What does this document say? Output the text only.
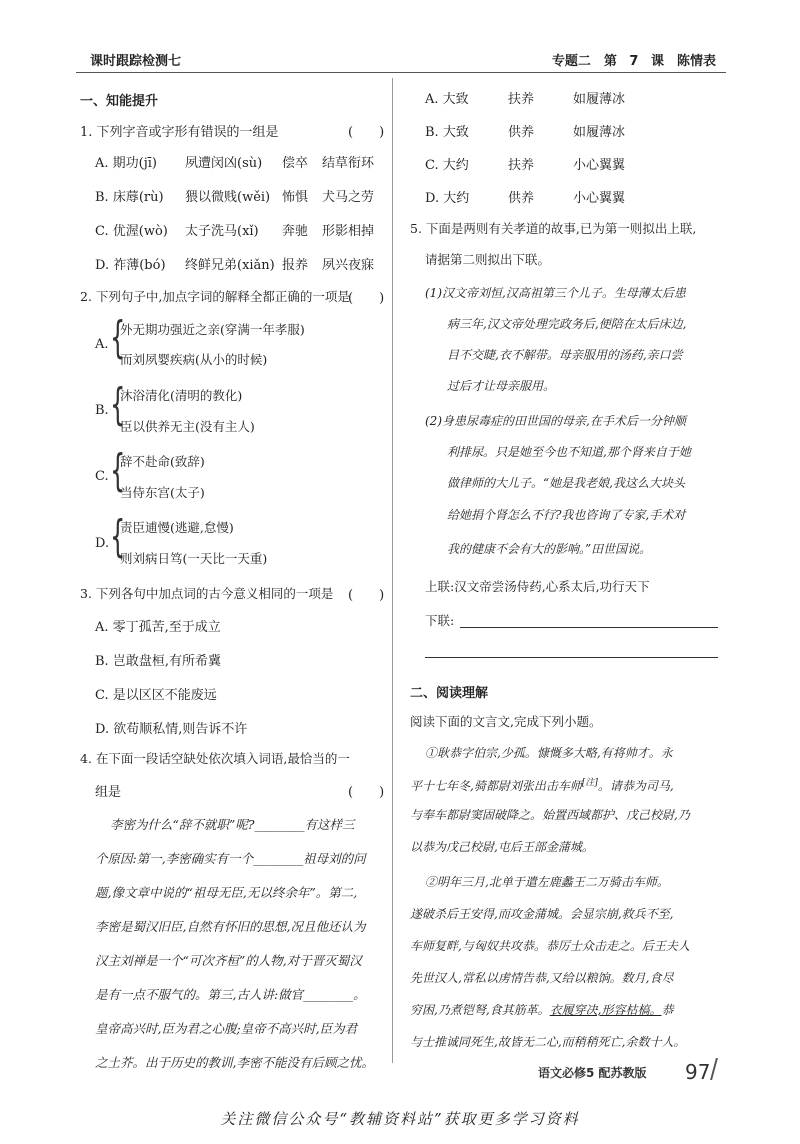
课时跟踪检测七	专题二　第 7 课　陈情表
一、知能提升
1. 下列字音或字形有错误的一组是	(　　)
A. 期功(jī) 夙遭闵凶(sù) 偿卒 结草衔环
B. 床蓐(rù) 猥以微贱(wěi) 怖惧 犬马之劳
C. 优渥(wò) 太子洗马(xǐ) 奔驰 形影相掉
D. 祚薄(bó) 终鲜兄弟(xiǎn) 报养 夙兴夜寐
2. 下列句子中,加点字词的解释全都正确的一项是
(　　)
A. {
外无期功强近之亲(穿满一年孝服)
而刘夙婴疾病(从小的时候)
B. {
沐浴清化(清明的教化)
臣以供养无主(没有主人)
C. {
辞不赴命(致辞)
当侍东宫(太子)
D. {
责臣逋慢(逃避,怠慢)
则刘病日笃(一天比一天重)
3. 下列各句中加点词的古今意义相同的一项是 (　　)
A. 零丁孤苦,至于成立
B. 岂敢盘桓,有所希冀
C. 是以区区不能废远
D. 欲苟顺私情,则告诉不许
4. 在下面一段话空缺处依次填入词语,最恰当的一
组是	(　　)
李密为什么“辞不就职”呢?________有这样三
个原因:第一,李密确实有一个________祖母刘的问
题,像文章中说的“祖母无臣,无以终余年”。第二,
李密是蜀汉旧臣,自然有怀旧的思想,况且他还认为
汉主刘禅是一个“可次齐桓”的人物,对于晋灭蜀汉
是有一点不服气的。第三,古人讲:做官________。
皇帝高兴时,臣为君之心腹;皇帝不高兴时,臣为君
之土芥。出于历史的教训,李密不能没有后顾之忧。
A. 大致	扶养	如履薄冰
B. 大致	供养	如履薄冰
C. 大约	扶养	小心翼翼
D. 大约	供养	小心翼翼
5. 下面是两则有关孝道的故事,已为第一则拟出上联,
请据第二则拟出下联。
(1)汉文帝刘恒,汉高祖第三个儿子。生母薄太后患
病三年,汉文帝处理完政务后,便陪在太后床边,
目不交睫,衣不解带。母亲服用的汤药,亲口尝
过后才让母亲服用。
(2)身患尿毒症的田世国的母亲,在手术后一分钟顺
利排尿。只是她至今也不知道,那个肾来自于她
做律师的大儿子。“她是我老娘,我这么大块头
给她捐个肾怎么不行?我也咨询了专家,手术对
我的健康不会有大的影响。”田世国说。
上联:汉文帝尝汤侍药,心系太后,功行天下
下联:
二、阅读理解
阅读下面的文言文,完成下列小题。
①耿恭字伯宗,少孤。慷慨多大略,有将帅才。永
平十七年冬,骑都尉刘张出击车师[注]。请恭为司马,
与奉车都尉窦固破降之。始置西域都护、戊己校尉,乃
以恭为戊己校尉,屯后王部金蒲城。
②明年三月,北单于遣左鹿蠡王二万骑击车师。
遂破杀后王安得,而攻金蒲城。会显宗崩,救兵不至,
车师复畔,与匈奴共攻恭。恭厉士众击走之。后王夫人
先世汉人,常私以虏情告恭,又给以粮饷。数月,食尽
穷困,乃煮铠弩,食其筋革。衣履穿决,形容枯槁。恭
与士推诚同死生,故皆无二心,而稍稍死亡,余数十人。
语文必修5 配苏教版 97
关注微信公众号“教辅资料站”获取更多学习资料
